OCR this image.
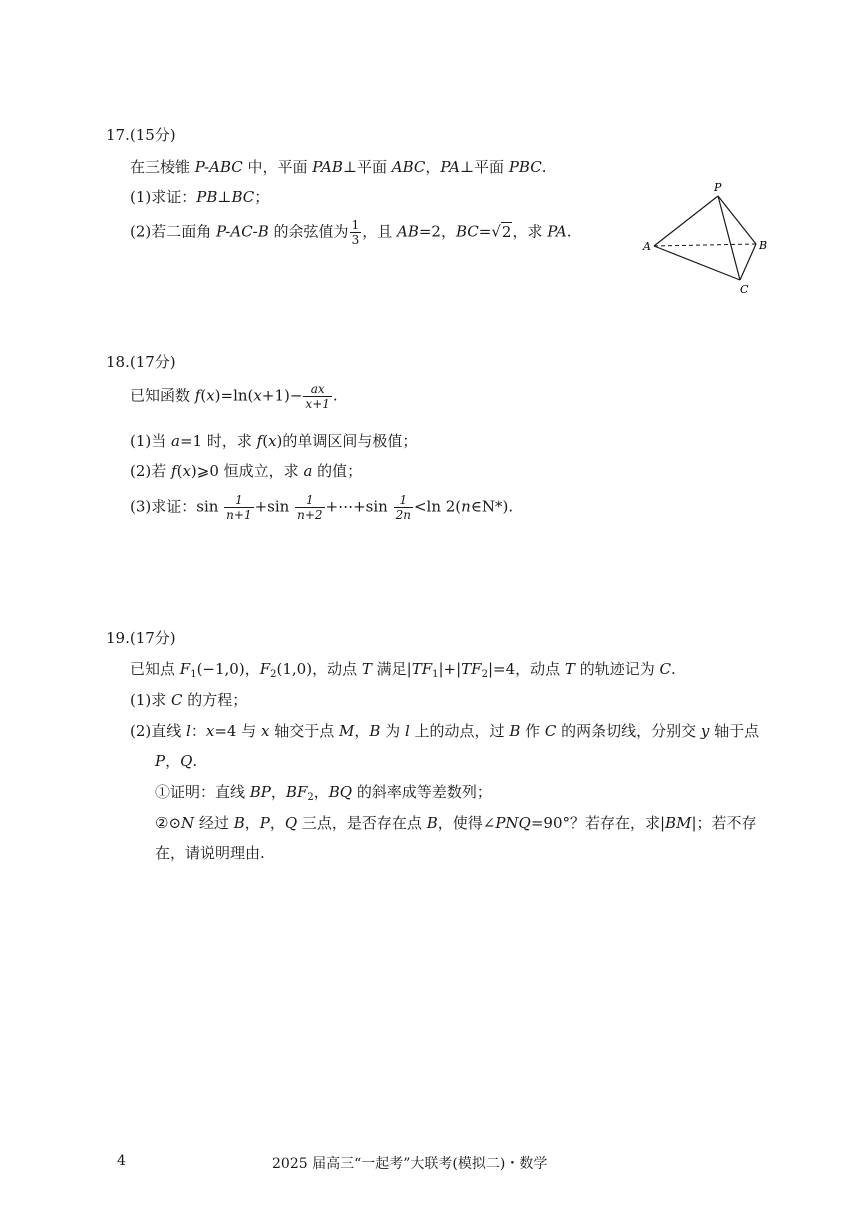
17.(15分)
在三棱锥 P-ABC 中，平面 PAB⊥平面 ABC，PA⊥平面 PBC.
(1)求证：PB⊥BC；
(2)若二面角 P-AC-B 的余弦值为 $\frac{1}{3}$ ，且 AB=2，BC=√2，求 PA.
P
A	B
C
18.(17分)
已知函数 $f(x)=\ln(x+1)- \frac{ax}{x+1}$ .
(1)当 a=1 时，求 f(x)的单调区间与极值；
(2)若 f(x)⩾0 恒成立，求 a 的值；
(3)求证：$\sin \frac{1}{n+1} +\sin \frac{1}{n+2}$ +⋯+sin $\frac{1}{2n} <\ln$ 2(n∈N*).
19.(17分)
已知点 $F_1(-1,0)$，$F_2(1,0)$，动点 T 满足$|TF_1|+|TF_2|=4$，动点 T 的轨迹记为 C.
(1)求 C 的方程；
(2)直线 l：x=4 与 x 轴交于点 M，B 为 l 上的动点，过 B 作 C 的两条切线，分别交 y 轴于点
P，Q.
①证明：直线 BP，$BF_2$，BQ 的斜率成等差数列；
②⊙N 经过 B，P，Q 三点，是否存在点 B，使得∠PNQ=90°？若存在，求|BM|；若不存
在，请说明理由.
4	2025 届高三“一起考”大联考(模拟二)・数学
